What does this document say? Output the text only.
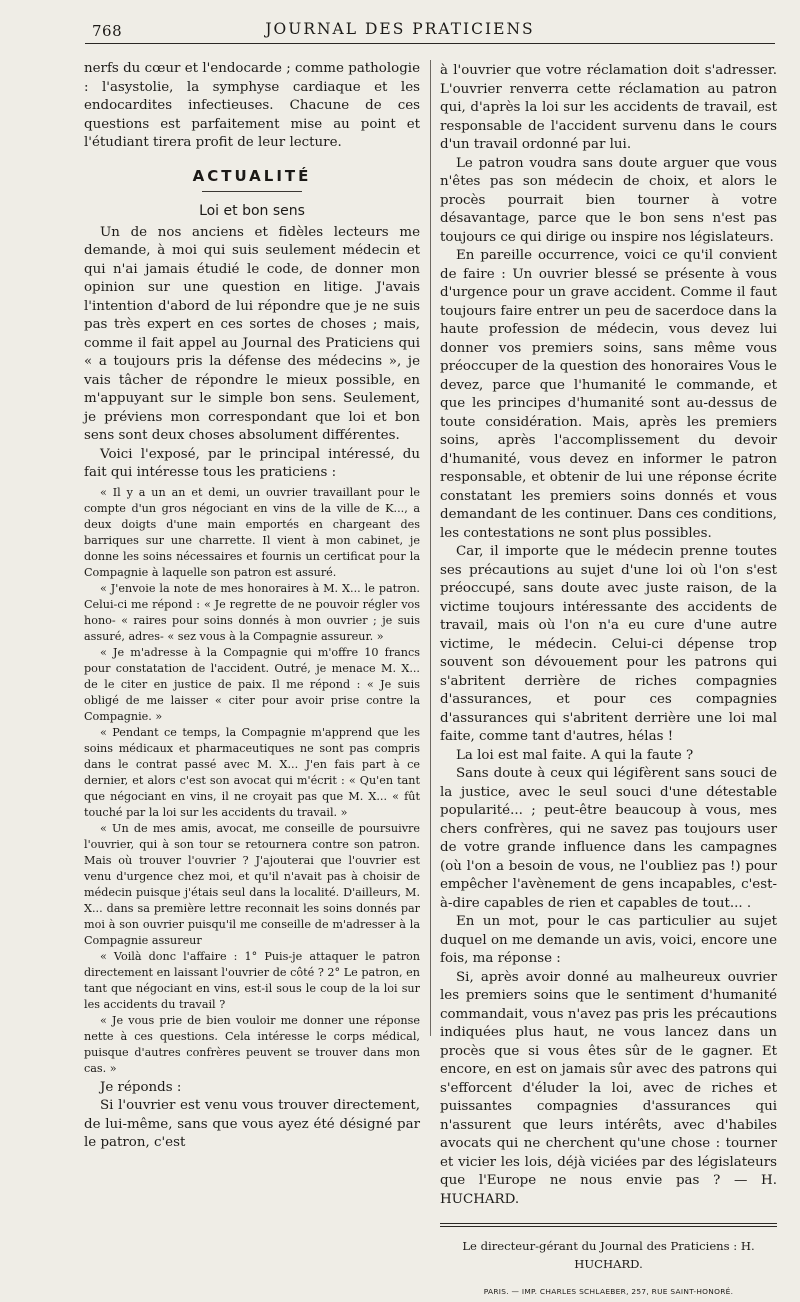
768	JOURNAL DES PRATICIENS

nerfs du cœur et l'endocarde ; comme pathologie : l'asystolie, la symphyse cardiaque et les endocardites infectieuses. Chacune de ces questions est parfaitement mise au point et l'étudiant tirera profit de leur lecture.

ACTUALITÉ
Loi et bon sens

Un de nos anciens et fidèles lecteurs me demande, à moi qui suis seulement médecin et qui n'ai jamais étudié le code, de donner mon opinion sur une question en litige. J'avais l'intention d'abord de lui répondre que je ne suis pas très expert en ces sortes de choses ; mais, comme il fait appel au Journal des Praticiens qui « a toujours pris la défense des médecins », je vais tâcher de répondre le mieux possible, en m'appuyant sur le simple bon sens. Seulement, je préviens mon correspondant que loi et bon sens sont deux choses absolument différentes.

Voici l'exposé, par le principal intéressé, du fait qui intéresse tous les praticiens :

« Il y a un an et demi, un ouvrier travaillant pour le compte d'un gros négociant en vins de la ville de K..., a deux doigts d'une main emportés en chargeant des barriques sur une charrette. Il vient à mon cabinet, je donne les soins nécessaires et fournis un certificat pour la Compagnie à laquelle son patron est assuré.

« J'envoie la note de mes honoraires à M. X... le patron. Celui-ci me répond : « Je regrette de ne pouvoir régler vos hono- « raires pour soins donnés à mon ouvrier ; je suis assuré, adres- « sez vous à la Compagnie assureur. »

« Je m'adresse à la Compagnie qui m'offre 10 francs pour constatation de l'accident. Outré, je menace M. X... de le citer en justice de paix. Il me répond : « Je suis obligé de me laisser « citer pour avoir prise contre la Compagnie. »

« Pendant ce temps, la Compagnie m'apprend que les soins médicaux et pharmaceutiques ne sont pas compris dans le contrat passé avec M. X... J'en fais part à ce dernier, et alors c'est son avocat qui m'écrit : « Qu'en tant que négociant en vins, il ne croyait pas que M. X... « fût touché par la loi sur les accidents du travail. »

« Un de mes amis, avocat, me conseille de poursuivre l'ouvrier, qui à son tour se retournera contre son patron. Mais où trouver l'ouvrier ? J'ajouterai que l'ouvrier est venu d'urgence chez moi, et qu'il n'avait pas à choisir de médecin puisque j'étais seul dans la localité. D'ailleurs, M. X... dans sa première lettre reconnait les soins donnés par moi à son ouvrier puisqu'il me conseille de m'adresser à la Compagnie assureur

« Voilà donc l'affaire : 1° Puis-je attaquer le patron directement en laissant l'ouvrier de côté ? 2° Le patron, en tant que négociant en vins, est-il sous le coup de la loi sur les accidents du travail ?

« Je vous prie de bien vouloir me donner une réponse nette à ces questions. Cela intéresse le corps médical, puisque d'autres confrères peuvent se trouver dans mon cas. »

Je réponds :

Si l'ouvrier est venu vous trouver directement, de lui-même, sans que vous ayez été désigné par le patron, c'est

à l'ouvrier que votre réclamation doit s'adresser. L'ouvrier renverra cette réclamation au patron qui, d'après la loi sur les accidents de travail, est responsable de l'accident survenu dans le cours d'un travail ordonné par lui.

Le patron voudra sans doute arguer que vous n'êtes pas son médecin de choix, et alors le procès pourrait bien tourner à votre désavantage, parce que le bon sens n'est pas toujours ce qui dirige ou inspire nos législateurs.

En pareille occurrence, voici ce qu'il convient de faire : Un ouvrier blessé se présente à vous d'urgence pour un grave accident. Comme il faut toujours faire entrer un peu de sacerdoce dans la haute profession de médecin, vous devez lui donner vos premiers soins, sans même vous préoccuper de la question des honoraires Vous le devez, parce que l'humanité le commande, et que les principes d'humanité sont au-dessus de toute considération. Mais, après les premiers soins, après l'accomplissement du devoir d'humanité, vous devez en informer le patron responsable, et obtenir de lui une réponse écrite constatant les premiers soins donnés et vous demandant de les continuer. Dans ces conditions, les contestations ne sont plus possibles.

Car, il importe que le médecin prenne toutes ses précautions au sujet d'une loi où l'on s'est préoccupé, sans doute avec juste raison, de la victime toujours intéressante des accidents de travail, mais où l'on n'a eu cure d'une autre victime, le médecin. Celui-ci dépense trop souvent son dévouement pour les patrons qui s'abritent derrière de riches compagnies d'assurances, et pour ces compagnies d'assurances qui s'abritent derrière une loi mal faite, comme tant d'autres, hélas !

La loi est mal faite. A qui la faute ?

Sans doute à ceux qui légifèrent sans souci de la justice, avec le seul souci d'une détestable popularité... ; peut-être beaucoup à vous, mes chers confrères, qui ne savez pas toujours user de votre grande influence dans les campagnes (où l'on a besoin de vous, ne l'oubliez pas !) pour empêcher l'avènement de gens incapables, c'est-à-dire capables de rien et capables de tout... .

En un mot, pour le cas particulier au sujet duquel on me demande un avis, voici, encore une fois, ma réponse :

Si, après avoir donné au malheureux ouvrier les premiers soins que le sentiment d'humanité commandait, vous n'avez pas pris les précautions indiquées plus haut, ne vous lancez dans un procès que si vous êtes sûr de le gagner. Et encore, en est on jamais sûr avec des patrons qui s'efforcent d'éluder la loi, avec de riches et puissantes compagnies d'assurances qui n'assurent que leurs intérêts, avec d'habiles avocats qui ne cherchent qu'une chose : tourner et vicier les lois, déjà viciées par des législateurs que l'Europe ne nous envie pas ? — H. HUCHARD.

Le directeur-gérant du Journal des Praticiens : H. HUCHARD.
PARIS. — IMP. CHARLES SCHLAEBER, 257, RUE SAINT-HONORÉ.
